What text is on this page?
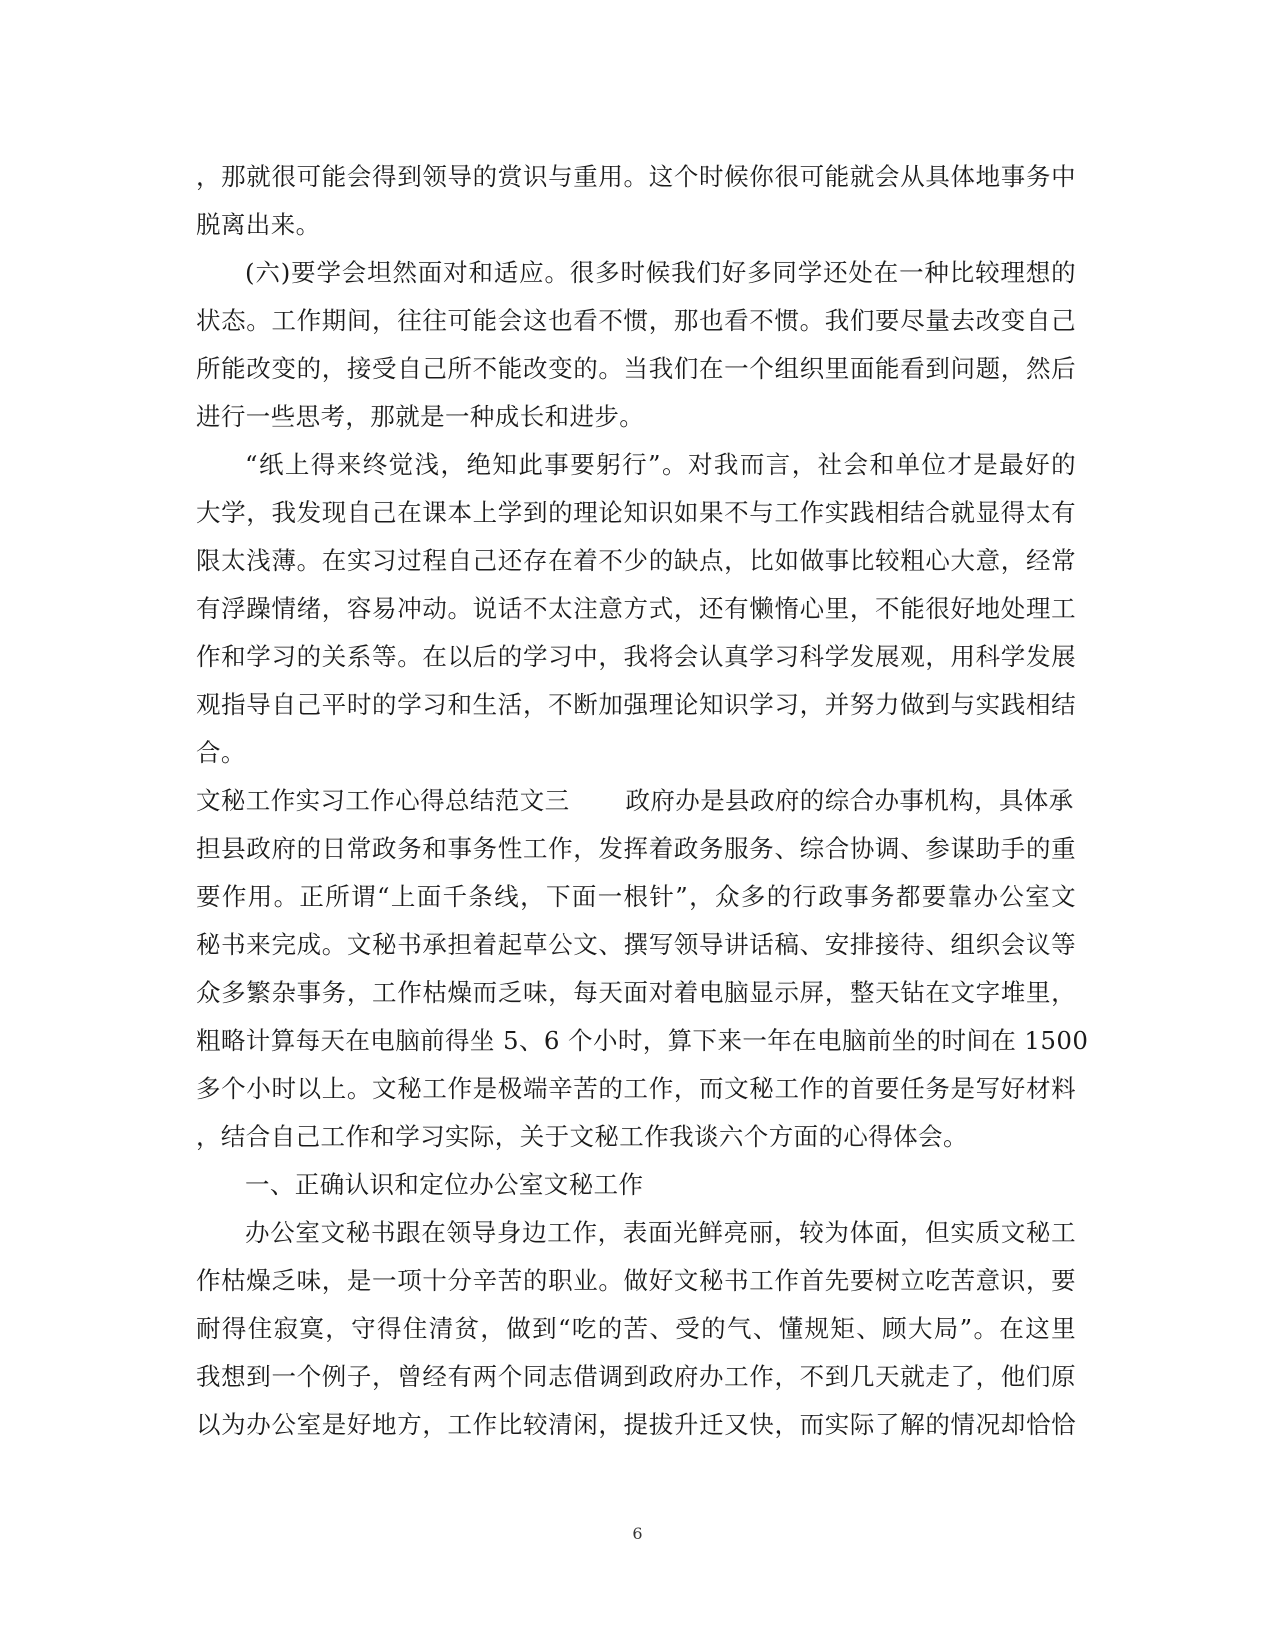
，那就很可能会得到领导的赏识与重用。这个时候你很可能就会从具体地事务中
脱离出来。
(六)要学会坦然面对和适应。很多时候我们好多同学还处在一种比较理想的
状态。工作期间，往往可能会这也看不惯，那也看不惯。我们要尽量去改变自己
所能改变的，接受自己所不能改变的。当我们在一个组织里面能看到问题，然后
进行一些思考，那就是一种成长和进步。
“纸上得来终觉浅，绝知此事要躬行”。对我而言，社会和单位才是最好的
大学，我发现自己在课本上学到的理论知识如果不与工作实践相结合就显得太有
限太浅薄。在实习过程自己还存在着不少的缺点，比如做事比较粗心大意，经常
有浮躁情绪，容易冲动。说话不太注意方式，还有懒惰心里，不能很好地处理工
作和学习的关系等。在以后的学习中，我将会认真学习科学发展观，用科学发展
观指导自己平时的学习和生活，不断加强理论知识学习，并努力做到与实践相结
合。
文秘工作实习工作心得总结范文三 政府办是县政府的综合办事机构，具体承
担县政府的日常政务和事务性工作，发挥着政务服务、综合协调、参谋助手的重
要作用。正所谓“上面千条线，下面一根针”，众多的行政事务都要靠办公室文
秘书来完成。文秘书承担着起草公文、撰写领导讲话稿、安排接待、组织会议等
众多繁杂事务，工作枯燥而乏味，每天面对着电脑显示屏，整天钻在文字堆里，
粗略计算每天在电脑前得坐 5、6 个小时，算下来一年在电脑前坐的时间在 1500
多个小时以上。文秘工作是极端辛苦的工作，而文秘工作的首要任务是写好材料
，结合自己工作和学习实际，关于文秘工作我谈六个方面的心得体会。
一、正确认识和定位办公室文秘工作
办公室文秘书跟在领导身边工作，表面光鲜亮丽，较为体面，但实质文秘工
作枯燥乏味，是一项十分辛苦的职业。做好文秘书工作首先要树立吃苦意识，要
耐得住寂寞，守得住清贫，做到“吃的苦、受的气、懂规矩、顾大局”。在这里
我想到一个例子，曾经有两个同志借调到政府办工作，不到几天就走了，他们原
以为办公室是好地方，工作比较清闲，提拔升迁又快，而实际了解的情况却恰恰
6
